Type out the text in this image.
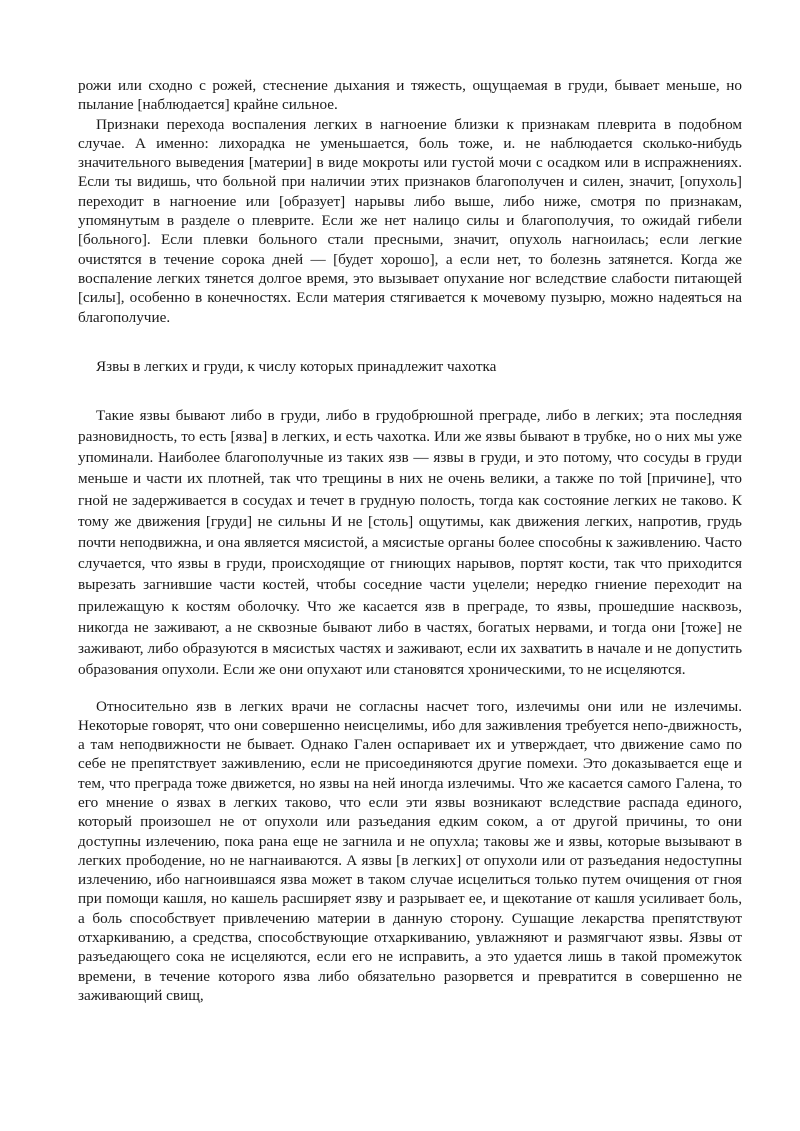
рожи или сходно с рожей, стеснение дыхания и тяжесть, ощущаемая в груди, бывает меньше, но пылание [наблюдается] крайне сильное.

Признаки перехода воспаления легких в нагноение близки к признакам плеврита в подобном случае. А именно: лихорадка не уменьшается, боль тоже, и. не наблюдается сколько-нибудь значительного выведения [материи] в виде мокроты или густой мочи с осадком или в испражнениях. Если ты видишь, что больной при наличии этих признаков благополучен и силен, значит, [опухоль] переходит в нагноение или [образует] нарывы либо выше, либо ниже, смотря по признакам, упомянутым в разделе о плеврите. Если же нет налицо силы и благополучия, то ожидай гибели [больного]. Если плевки больного стали пресными, значит, опухоль нагноилась; если легкие очистятся в течение сорока дней — [будет хорошо], а если нет, то болезнь затянется. Когда же воспаление легких тянется долгое время, это вызывает опухание ног вследствие слабости питающей [силы], особенно в конечностях. Если материя стягивается к мочевому пузырю, можно надеяться на благополучие.

Язвы в легких и груди, к числу которых принадлежит чахотка

Такие язвы бывают либо в груди, либо в грудобрюшной преграде, либо в легких; эта последняя разновидность, то есть [язва] в легких, и есть чахотка. Или же язвы бывают в трубке, но о них мы уже упоминали. Наиболее благополучные из таких язв — язвы в груди, и это потому, что сосуды в груди меньше и части их плотней, так что трещины в них не очень велики, а также по той [причине], что гной не задерживается в сосудах и течет в грудную полость, тогда как состояние легких не таково. К тому же движения [груди] не сильны И не [столь] ощутимы, как движения легких, напротив, грудь почти неподвижна, и она является мясистой, а мясистые органы более способны к заживлению. Часто случается, что язвы в груди, происходящие от гниющих нарывов, портят кости, так что приходится вырезать загнившие части костей, чтобы соседние части уцелели; нередко гниение переходит на прилежащую к костям оболочку. Что же касается язв в преграде, то язвы, прошедшие насквозь, никогда не заживают, а не сквозные бывают либо в частях, богатых нервами, и тогда они [тоже] не заживают, либо образуются в мясистых частях и заживают, если их захватить в начале и не допустить образования опухоли. Если же они опухают или становятся хроническими, то не исцеляются.

Относительно язв в легких врачи не согласны насчет того, излечимы они или не излечимы. Некоторые говорят, что они совершенно неисцелимы, ибо для заживления требуется непо-движность, а там неподвижности не бывает. Однако Гален оспаривает их и утверждает, что движение само по себе не препятствует заживлению, если не присоединяются другие помехи. Это доказывается еще и тем, что преграда тоже движется, но язвы на ней иногда излечимы. Что же касается самого Галена, то его мнение о язвах в легких таково, что если эти язвы возникают вследствие распада единого, который произошел не от опухоли или разъедания едким соком, а от другой причины, то они доступны излечению, пока рана еще не загнила и не опухла; таковы же и язвы, которые вызывают в легких прободение, но не нагнаиваются. А язвы [в легких] от опухоли или от разъедания недоступны излечению, ибо нагноившаяся язва может в таком случае исцелиться только путем очищения от гноя при помощи кашля, но кашель расширяет язву и разрывает ее, и щекотание от кашля усиливает боль, а боль способствует привлечению материи в данную сторону. Сушащие лекарства препятствуют отхаркиванию, а средства, способствующие отхаркиванию, увлажняют и размягчают язвы. Язвы от разъедающего сока не исцеляются, если его не исправить, а это удается лишь в такой промежуток времени, в течение которого язва либо обязательно разорвется и превратится в совершенно не заживающий свищ,
